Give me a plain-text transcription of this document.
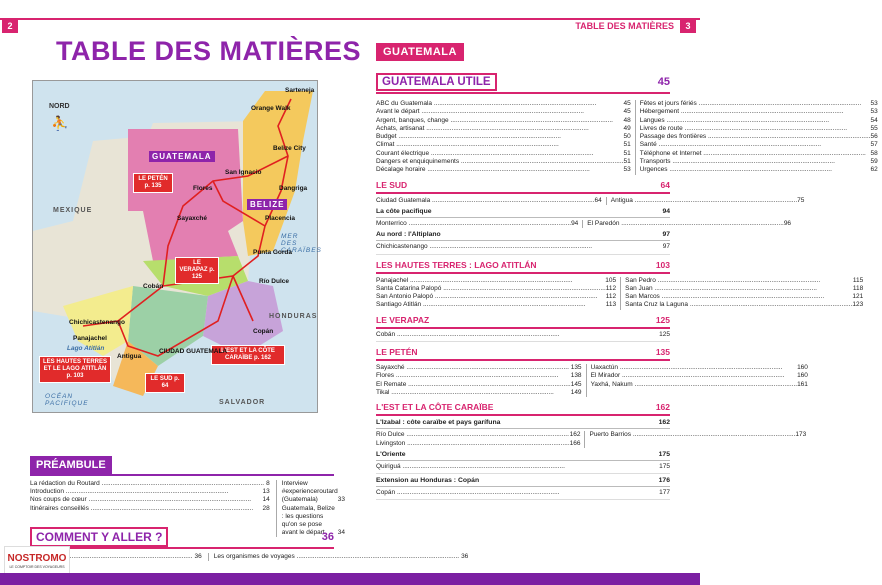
2	TABLE DES MATIÈRES	3
TABLE DES MATIÈRES
NORD
⛹
MEXIQUE
HONDURAS
SALVADOR
OCÉAN PACIFIQUE
MER DES CARAÏBES
GUATEMALA
BELIZE
LE PETÉN p. 135
LE VERAPAZ p. 125
LES HAUTES TERRES ET LE LAGO ATITLÁN p. 103	LE SUD p. 64
L'EST ET LA CÔTE CARAÏBE p. 162
Sarteneja
Orange Walk
Belize City
San Ignacio
Flores	Dangriga
Placencia
Punta Gorda
Sayaxché
Cobán
Río Dulce
Chichicastenango
Panajachel
Lago Atitlán
Antigua
CIUDAD GUATEMALA
Copán
PRÉAMBULE
La rédaction du Routard .....	8
Introduction .....	13
Nos coups de cœur .....	14
Itinéraires conseillés .....	28
Interview #experienceroutard (Guatemala)	33
Guatemala, Belize : les questions qu'on se pose avant le départ	34
COMMENT Y ALLER ?	36
.....
36 Les organismes de voyages .....	36
NOSTROMO
LE COMPTOIR DES VOYAGEURS
GUATEMALA
GUATEMALA UTILE	45
ABC du Guatemala .....	45
Avant le départ .....	45
Argent, banques, change .....	48
Achats, artisanat .....	49
Budget .....	50
Climat .....	51
Courant électrique .....	51
Dangers et enquiquinements .....	51
Décalage horaire .....	53
Fêtes et jours fériés .....	53
Hébergement .....	53
Langues .....	54
Livres de route .....	55
Passage des frontières .....	56
Santé .....	57
Téléphone et Internet .....	58
Transports .....	59
Urgences .....	62
LE SUD	64
Ciudad Guatemala .....	64 Antigua .....	75
La côte pacifique	94
Monterrico .....	94 El Paredón .....	96
Au nord : l'Altiplano	97
Chichicastenango .....	97
LES HAUTES TERRES : LAGO ATITLÁN	103
Panajachel .....	105
Santa Catarina Palopó .....	112
San Antonio Palopó .....	112
Santiago Atitlán .....	113
San Pedro .....	115
San Juan .....	118
San Marcos .....	121
Santa Cruz la Laguna .....	123
LE VERAPAZ	125
Cobán .....	125
LE PETÉN	135
Sayaxché .....	135
Flores .....	138
El Remate .....	145
Tikal .....	149
Uaxactún .....	160
El Mirador .....	160
Yaxhá, Nakum .....	161
L'EST ET LA CÔTE CARAÏBE	162
L'Izabal : côte caraïbe et pays garífuna	162
Río Dulce .....	162
Livingston .....	166
Puerto Barrios .....	173
L'Oriente	175
Quiriguá .....	175
Extension au Honduras : Copán	176
Copán .....	177
